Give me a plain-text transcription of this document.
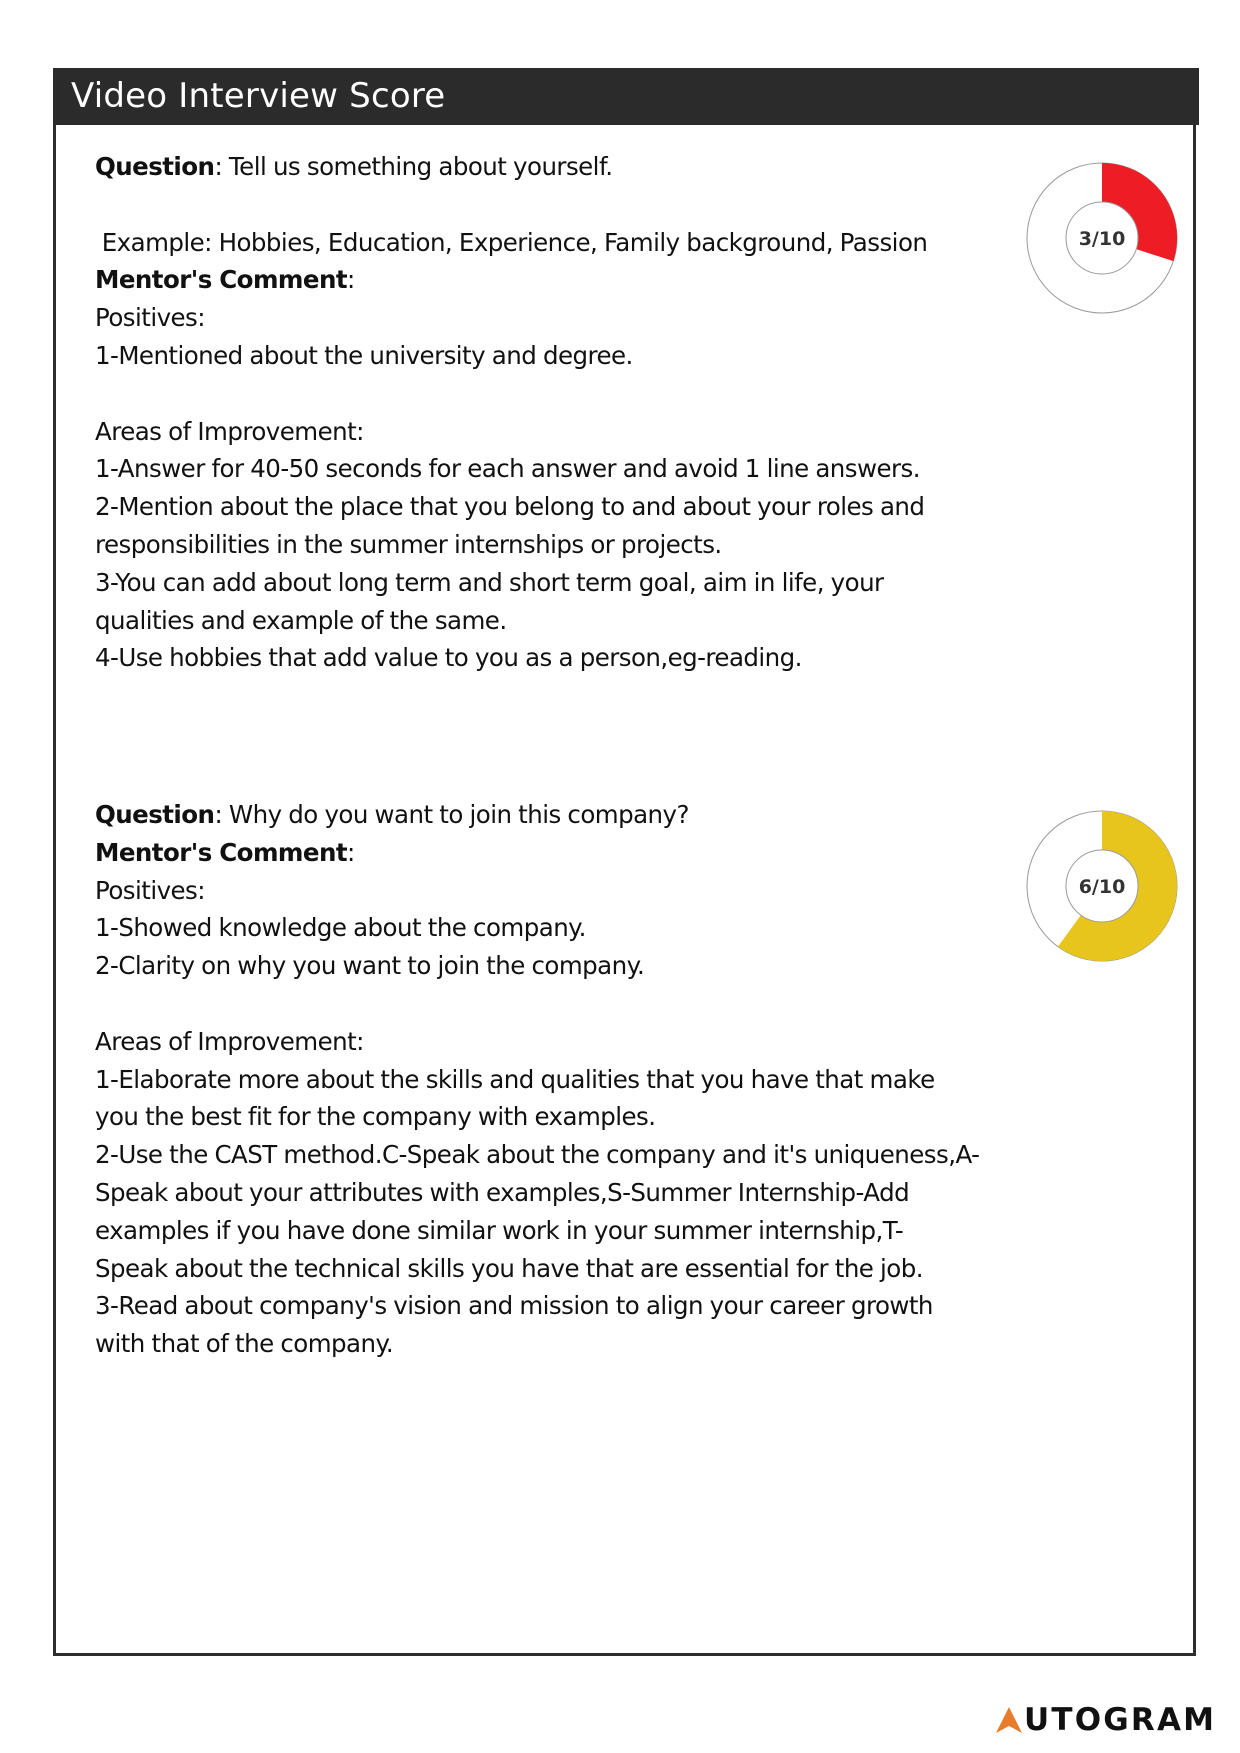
Video Interview Score
Question: Tell us something about yourself.
Example: Hobbies, Education, Experience, Family background, Passion
Mentor's Comment:
Positives:
1-Mentioned about the university and degree.
Areas of Improvement:
1-Answer for 40-50 seconds for each answer and avoid 1 line answers.
2-Mention about the place that you belong to and about your roles and
responsibilities in the summer internships or projects.
3-You can add about long term and short term goal, aim in life, your
qualities and example of the same.
4-Use hobbies that add value to you as a person,eg-reading.
3/10
Question: Why do you want to join this company?
Mentor's Comment:
Positives:
1-Showed knowledge about the company.
2-Clarity on why you want to join the company.
Areas of Improvement:
1-Elaborate more about the skills and qualities that you have that make
you the best fit for the company with examples.
2-Use the CAST method.C-Speak about the company and it's uniqueness,A-
Speak about your attributes with examples,S-Summer Internship-Add
examples if you have done similar work in your summer internship,T-
Speak about the technical skills you have that are essential for the job.
3-Read about company's vision and mission to align your career growth
with that of the company.
6/10
UTOGRAM
